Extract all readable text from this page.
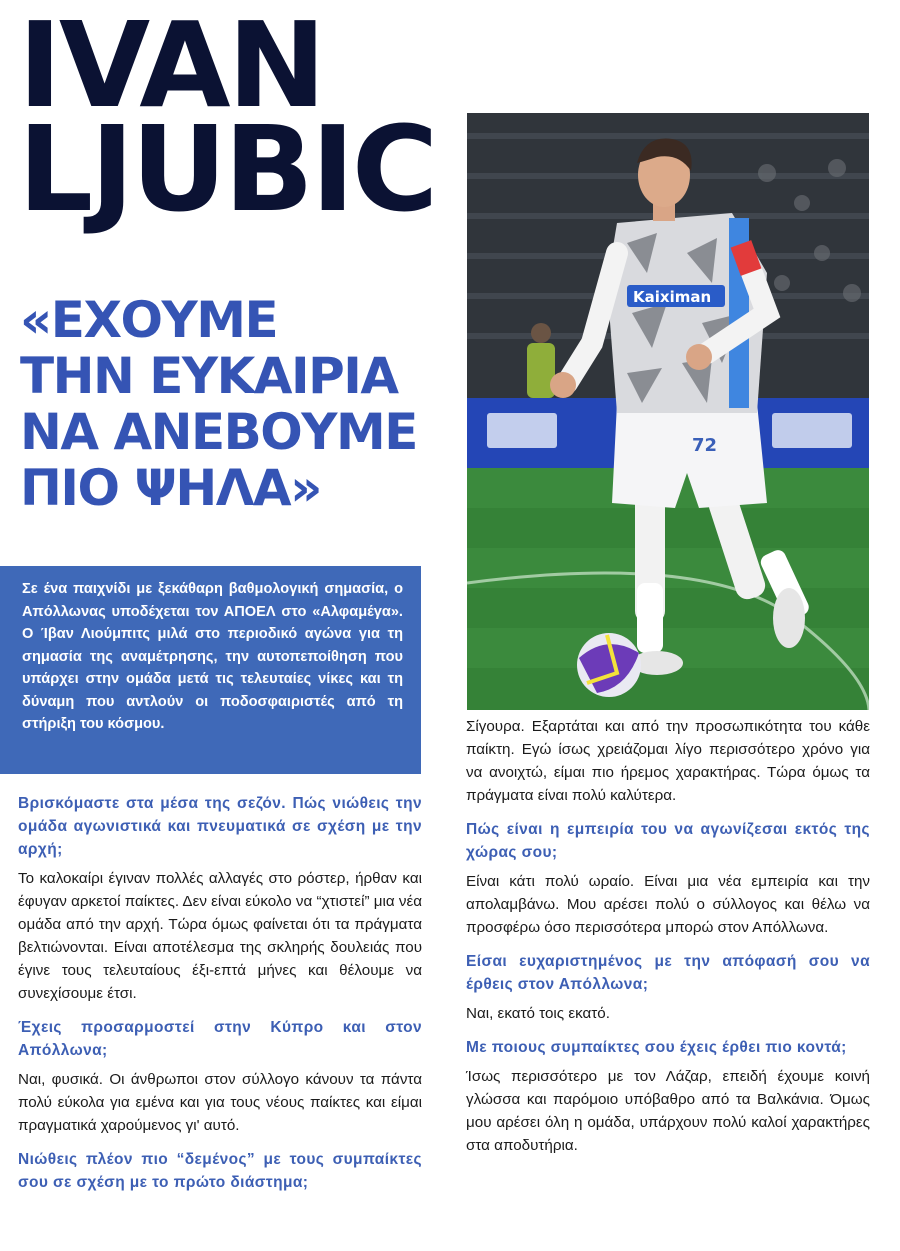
IVAN
LJUBIC
72
Kaiximan
«ΕΧΟΥΜΕ
ΤΗΝ ΕΥΚΑΙΡΙΑ
ΝΑ ΑΝΕΒΟΥΜΕ
ΠΙΟ ΨΗΛΑ»
Σε ένα παιχνίδι με ξεκάθαρη βαθμολογική σημασία, ο Απόλλωνας υποδέχεται τον ΑΠΟΕΛ στο «Αλφαμέγα». Ο Ίβαν Λιούμπιτς μιλά στο περιοδικό αγώνα για τη σημασία της αναμέτρησης, την αυτοπεποίθηση που υπάρχει στην ομάδα μετά τις τελευταίες νίκες και τη δύναμη που αντλούν οι ποδοσφαιριστές από τη στήριξη του κόσμου.

Βρισκόμαστε στα μέσα της σεζόν. Πώς νιώθεις την ομάδα αγωνιστικά και πνευματικά σε σχέση με την αρχή;

Το καλοκαίρι έγιναν πολλές αλλαγές στο ρόστερ, ήρθαν και έφυγαν αρκετοί παίκτες. Δεν είναι εύκολο να “χτιστεί” μια νέα ομάδα από την αρχή. Τώρα όμως φαίνεται ότι τα πράγματα βελτιώνονται. Είναι αποτέλεσμα της σκληρής δουλειάς που έγινε τους τελευταίους έξι-επτά μήνες και θέλουμε να συνεχίσουμε έτσι.

Έχεις προσαρμοστεί στην Κύπρο και στον Απόλλωνα;

Ναι, φυσικά. Οι άνθρωποι στον σύλλογο κάνουν τα πάντα πολύ εύκολα για εμένα και για τους νέους παίκτες και είμαι πραγματικά χαρούμενος γι' αυτό.

Νιώθεις πλέον πιο “δεμένος” με τους συμπαίκτες σου σε σχέση με το πρώτο διάστημα;

Σίγουρα. Εξαρτάται και από την προσωπικότητα του κάθε παίκτη. Εγώ ίσως χρειάζομαι λίγο περισσότερο χρόνο για να ανοιχτώ, είμαι πιο ήρεμος χαρακτήρας. Τώρα όμως τα πράγματα είναι πολύ καλύτερα.

Πώς είναι η εμπειρία του να αγωνίζεσαι εκτός της χώρας σου;

Είναι κάτι πολύ ωραίο. Είναι μια νέα εμπειρία και την απολαμβάνω. Μου αρέσει πολύ ο σύλλογος και θέλω να προσφέρω όσο περισσότερα μπορώ στον Απόλλωνα.

Είσαι ευχαριστημένος με την απόφασή σου να έρθεις στον Απόλλωνα;

Ναι, εκατό τοις εκατό.

Με ποιους συμπαίκτες σου έχεις έρθει πιο κοντά;

Ίσως περισσότερο με τον Λάζαρ, επειδή έχουμε κοινή γλώσσα και παρόμοιο υπόβαθρο από τα Βαλκάνια. Όμως μου αρέσει όλη η ομάδα, υπάρχουν πολύ καλοί χαρακτήρες στα αποδυτήρια.
